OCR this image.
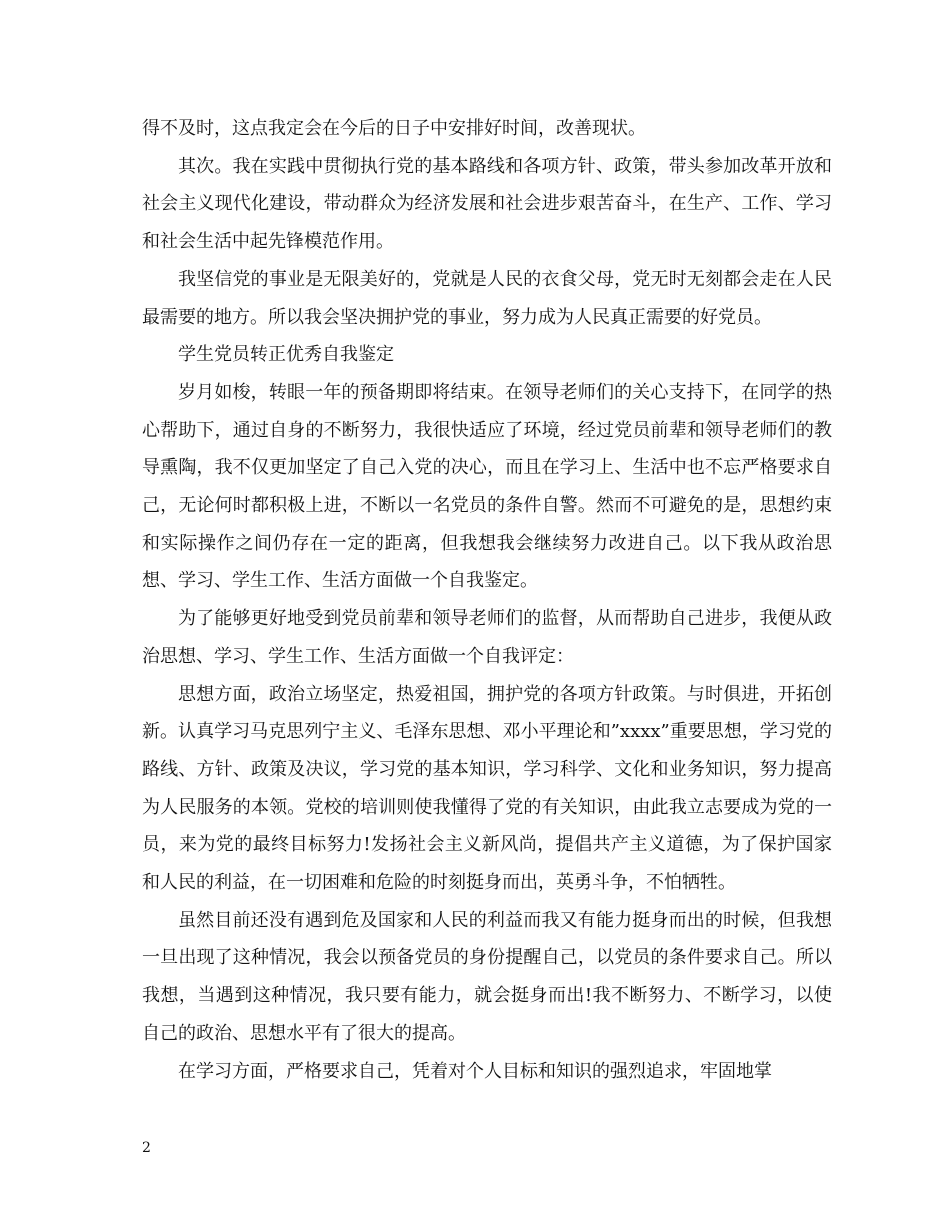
得不及时，这点我定会在今后的日子中安排好时间，改善现状。

其次。我在实践中贯彻执行党的基本路线和各项方针、政策，带头参加改革开放和社会主义现代化建设，带动群众为经济发展和社会进步艰苦奋斗，在生产、工作、学习和社会生活中起先锋模范作用。

我坚信党的事业是无限美好的，党就是人民的衣食父母，党无时无刻都会走在人民最需要的地方。所以我会坚决拥护党的事业，努力成为人民真正需要的好党员。

学生党员转正优秀自我鉴定

岁月如梭，转眼一年的预备期即将结束。在领导老师们的关心支持下，在同学的热心帮助下，通过自身的不断努力，我很快适应了环境，经过党员前辈和领导老师们的教导熏陶，我不仅更加坚定了自己入党的决心，而且在学习上、生活中也不忘严格要求自己，无论何时都积极上进，不断以一名党员的条件自警。然而不可避免的是，思想约束和实际操作之间仍存在一定的距离，但我想我会继续努力改进自己。以下我从政治思想、学习、学生工作、生活方面做一个自我鉴定。

为了能够更好地受到党员前辈和领导老师们的监督，从而帮助自己进步，我便从政治思想、学习、学生工作、生活方面做一个自我评定：

思想方面，政治立场坚定，热爱祖国，拥护党的各项方针政策。与时俱进，开拓创新。认真学习马克思列宁主义、毛泽东思想、邓小平理论和”xxxx”重要思想，学习党的路线、方针、政策及决议，学习党的基本知识，学习科学、文化和业务知识，努力提高为人民服务的本领。党校的培训则使我懂得了党的有关知识，由此我立志要成为党的一员，来为党的最终目标努力!发扬社会主义新风尚，提倡共产主义道德，为了保护国家和人民的利益，在一切困难和危险的时刻挺身而出，英勇斗争，不怕牺牲。

虽然目前还没有遇到危及国家和人民的利益而我又有能力挺身而出的时候，但我想一旦出现了这种情况，我会以预备党员的身份提醒自己，以党员的条件要求自己。所以我想，当遇到这种情况，我只要有能力，就会挺身而出!我不断努力、不断学习，以使自己的政治、思想水平有了很大的提高。

在学习方面，严格要求自己，凭着对个人目标和知识的强烈追求，牢固地掌

2
